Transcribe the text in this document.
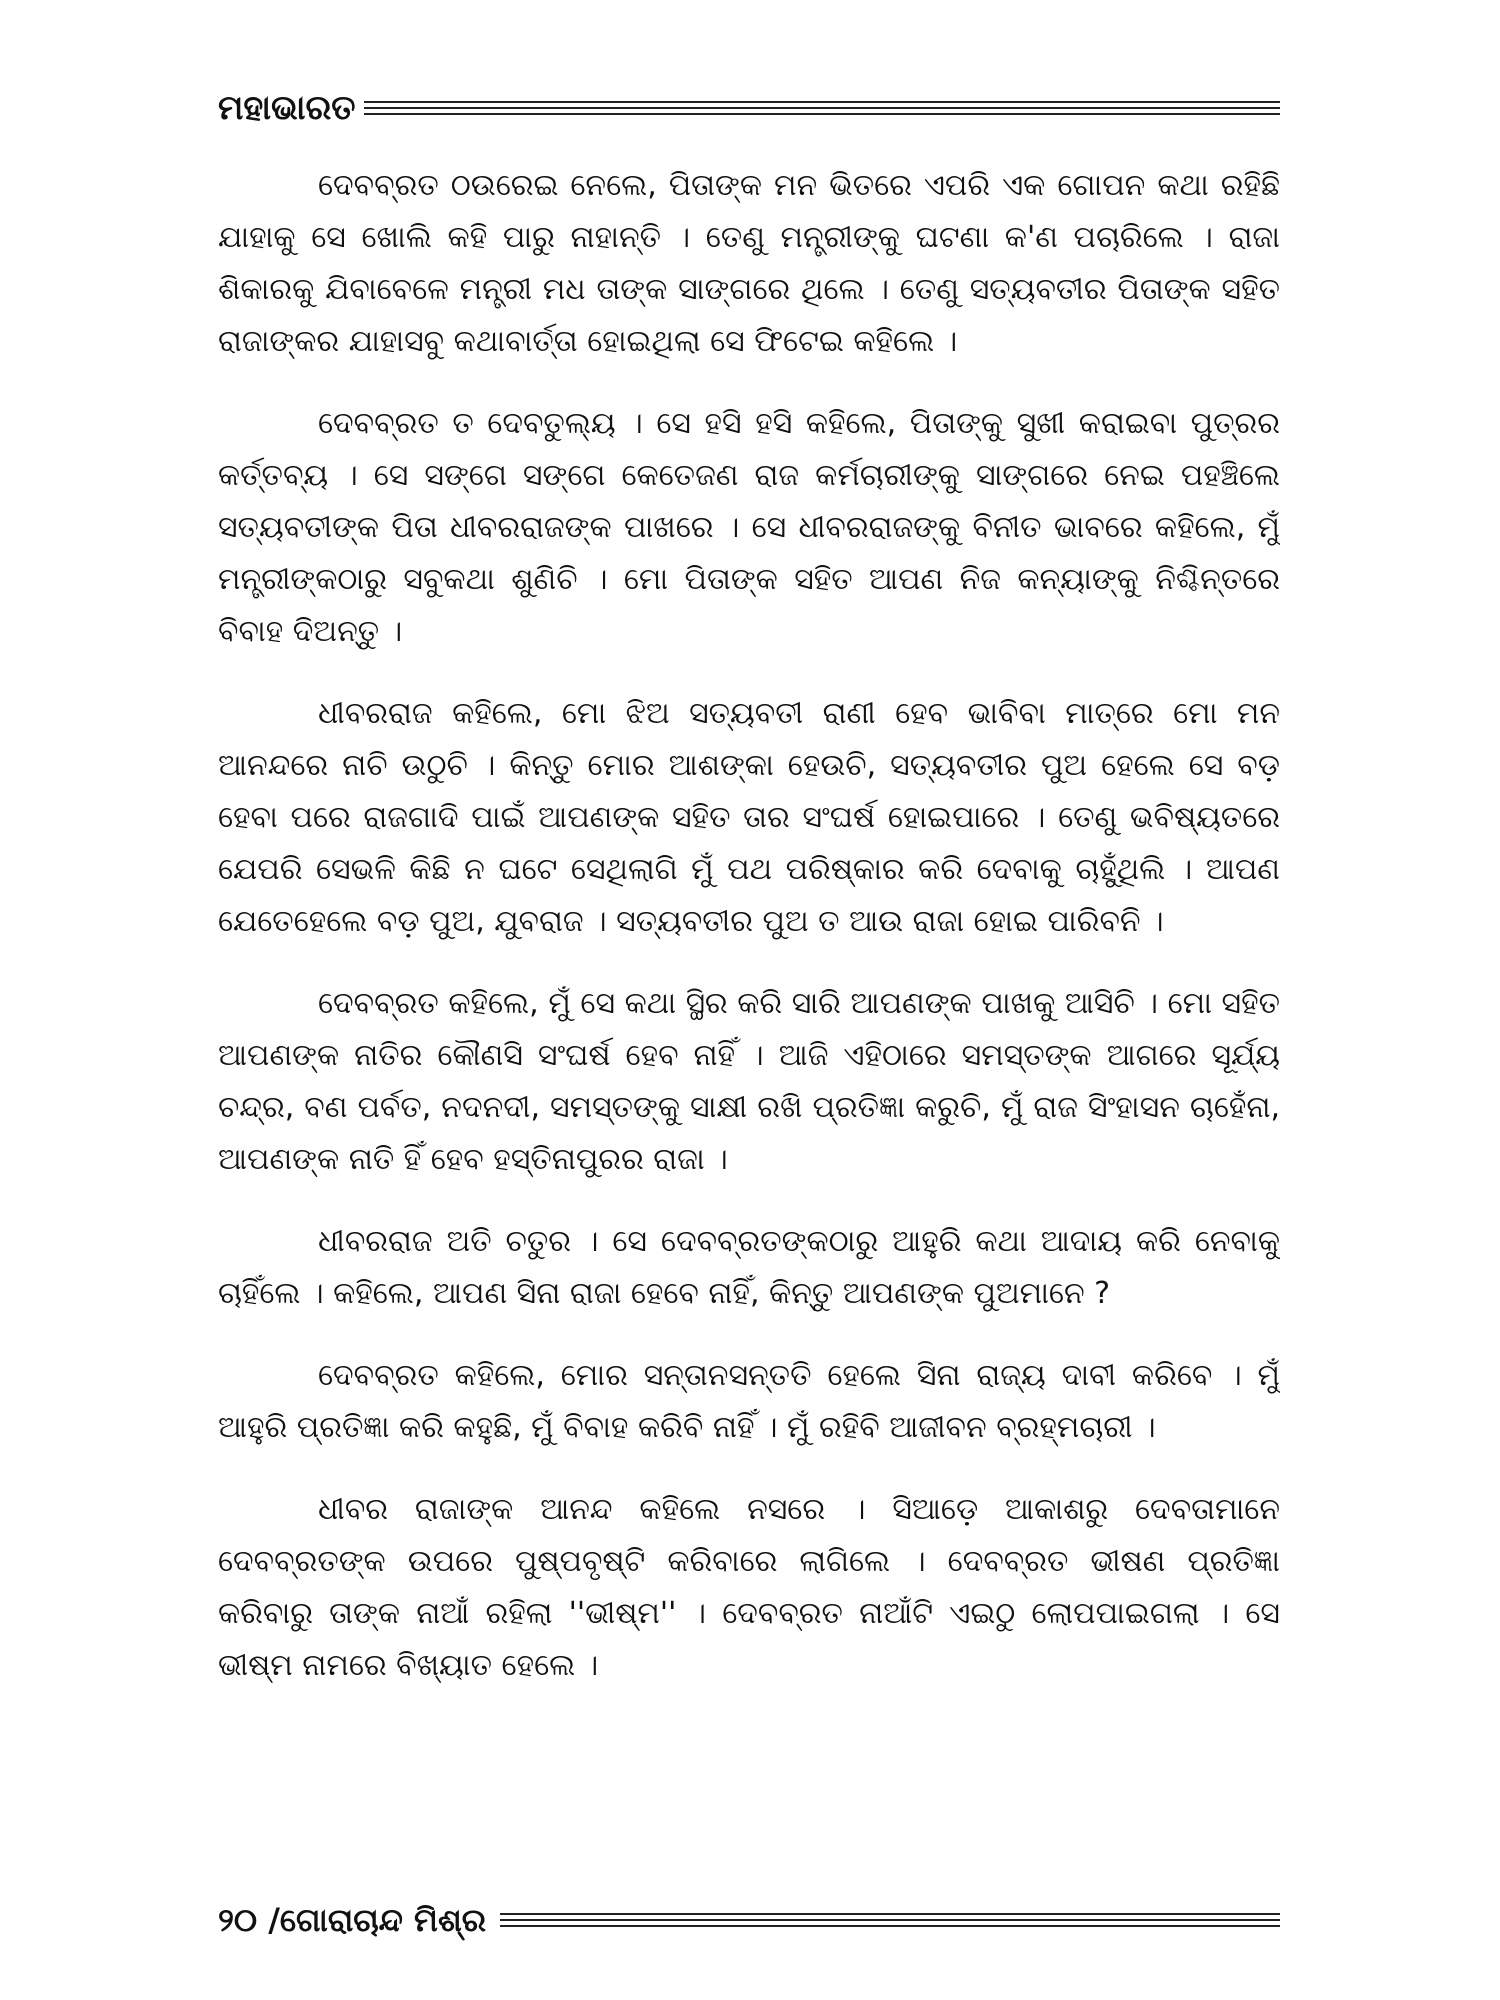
ମହାଭାରତ

ଦେବବ୍ରତ ଠଉରେଇ ନେଲେ, ପିତାଙ୍କ ମନ ଭିତରେ ଏପରି ଏକ ଗୋପନ କଥା ରହିଛି ଯାହାକୁ ସେ ଖୋଲି କହି ପାରୁ ନାହାନ୍ତି । ତେଣୁ ମନ୍ତ୍ରୀଙ୍କୁ ଘଟଣା କ'ଣ ପଚାରିଲେ । ରାଜା ଶିକାରକୁ ଯିବାବେଳେ ମନ୍ତ୍ରୀ ମଧ ତାଙ୍କ ସାଙ୍ଗରେ ଥିଲେ । ତେଣୁ ସତ୍ୟବତୀର ପିତାଙ୍କ ସହିତ ରାଜାଙ୍କର ଯାହାସବୁ କଥାବାର୍ତ୍ତା ହୋଇଥିଲା ସେ ଫିଟେଇ କହିଲେ ।

ଦେବବ୍ରତ ତ ଦେବତୁଲ୍ୟ । ସେ ହସି ହସି କହିଲେ, ପିତାଙ୍କୁ ସୁଖୀ କରାଇବା ପୁତ୍ରର କର୍ତ୍ତବ୍ୟ । ସେ ସଙ୍ଗେ ସଙ୍ଗେ କେତେଜଣ ରାଜ କର୍ମଚାରୀଙ୍କୁ ସାଙ୍ଗରେ ନେଇ ପହଞ୍ଚିଲେ ସତ୍ୟବତୀଙ୍କ ପିତା ଧୀବରରାଜଙ୍କ ପାଖରେ । ସେ ଧୀବରରାଜଙ୍କୁ ବିନୀତ ଭାବରେ କହିଲେ, ମୁଁ ମନ୍ତ୍ରୀଙ୍କଠାରୁ ସବୁକଥା ଶୁଣିଚି । ମୋ ପିତାଙ୍କ ସହିତ ଆପଣ ନିଜ କନ୍ୟାଙ୍କୁ ନିଶ୍ଚିନ୍ତରେ ବିବାହ ଦିଅନ୍ତୁ ।

ଧୀବରରାଜ କହିଲେ, ମୋ ଝିଅ ସତ୍ୟବତୀ ରାଣୀ ହେବ ଭାବିବା ମାତ୍ରେ ମୋ ମନ ଆନନ୍ଦରେ ନାଚି ଉଠୁଚି । କିନ୍ତୁ ମୋର ଆଶଙ୍କା ହେଉଚି, ସତ୍ୟବତୀର ପୁଅ ହେଲେ ସେ ବଡ଼ ହେବା ପରେ ରାଜଗାଦି ପାଇଁ ଆପଣଙ୍କ ସହିତ ତାର ସଂଘର୍ଷ ହୋଇପାରେ । ତେଣୁ ଭବିଷ୍ୟତରେ ଯେପରି ସେଭଳି କିଛି ନ ଘଟେ ସେଥିଲାଗି ମୁଁ ପଥ ପରିଷ୍କାର କରି ଦେବାକୁ ଚାହୁଁଥିଲି । ଆପଣ ଯେତେହେଲେ ବଡ଼ ପୁଅ, ଯୁବରାଜ । ସତ୍ୟବତୀର ପୁଅ ତ ଆଉ ରାଜା ହୋଇ ପାରିବନି ।

ଦେବବ୍ରତ କହିଲେ, ମୁଁ ସେ କଥା ସ୍ଥିର କରି ସାରି ଆପଣଙ୍କ ପାଖକୁ ଆସିଚି । ମୋ ସହିତ ଆପଣଙ୍କ ନାତିର କୌଣସି ସଂଘର୍ଷ ହେବ ନାହିଁ । ଆଜି ଏହିଠାରେ ସମସ୍ତଙ୍କ ଆଗରେ ସୂର୍ଯ୍ୟ ଚନ୍ଦ୍ର, ବଣ ପର୍ବତ, ନଦନଦୀ, ସମସ୍ତଙ୍କୁ ସାକ୍ଷୀ ରଖି ପ୍ରତିଜ୍ଞା କରୁଚି, ମୁଁ ରାଜ ସିଂହାସନ ଚାହେଁନା, ଆପଣଙ୍କ ନାତି ହିଁ ହେବ ହସ୍ତିନାପୁରର ରାଜା ।

ଧୀବରରାଜ ଅତି ଚତୁର । ସେ ଦେବବ୍ରତଙ୍କଠାରୁ ଆହୁରି କଥା ଆଦାୟ କରି ନେବାକୁ ଚାହିଁଲେ । କହିଲେ, ଆପଣ ସିନା ରାଜା ହେବେ ନାହିଁ, କିନ୍ତୁ ଆପଣଙ୍କ ପୁଅମାନେ ?

ଦେବବ୍ରତ କହିଲେ, ମୋର ସନ୍ତାନସନ୍ତତି ହେଲେ ସିନା ରାଜ୍ୟ ଦାବୀ କରିବେ । ମୁଁ ଆହୁରି ପ୍ରତିଜ୍ଞା କରି କହୁଛି, ମୁଁ ବିବାହ କରିବି ନାହିଁ । ମୁଁ ରହିବି ଆଜୀବନ ବ୍ରହ୍ମଚାରୀ ।

ଧୀବର ରାଜାଙ୍କ ଆନନ୍ଦ କହିଲେ ନସରେ । ସିଆଡ଼େ ଆକାଶରୁ ଦେବତାମାନେ ଦେବବ୍ରତଙ୍କ ଉପରେ ପୁଷ୍ପବୃଷ୍ଟି କରିବାରେ ଲାଗିଲେ । ଦେବବ୍ରତ ଭୀଷଣ ପ୍ରତିଜ୍ଞା କରିବାରୁ ତାଙ୍କ ନାଆଁ ରହିଲା ''ଭୀଷ୍ମ'' । ଦେବବ୍ରତ ନାଆଁଟି ଏଇଠୁ ଲୋପପାଇଗଲା । ସେ ଭୀଷ୍ମ ନାମରେ ବିଖ୍ୟାତ ହେଲେ ।

୨୦ /ଗୋରାଚାନ୍ଦ ମିଶ୍ର
